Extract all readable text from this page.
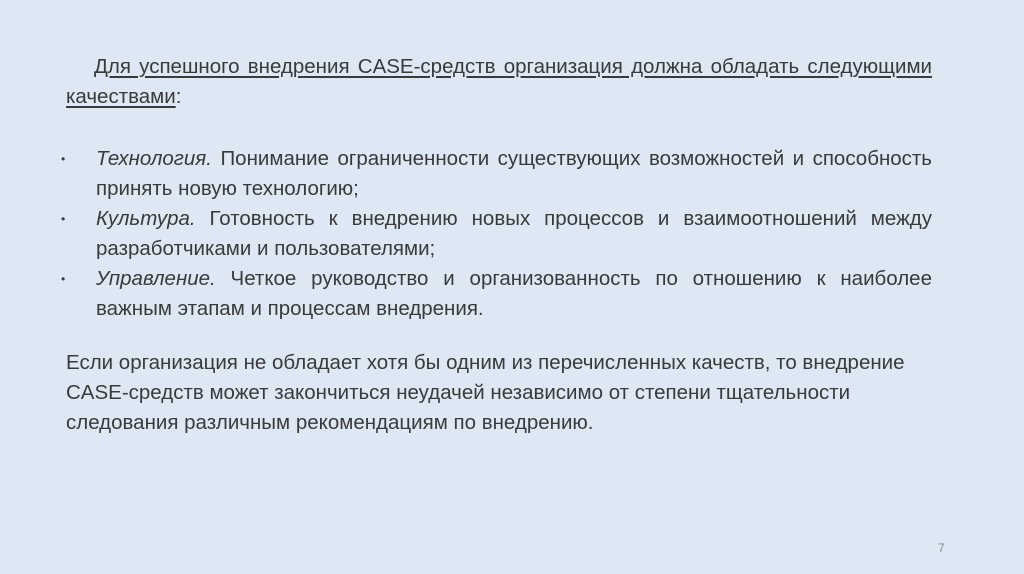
Для успешного внедрения CASE-средств организация должна обладать следующими качествами:

• Технология. Понимание ограниченности существующих возможностей и способность принять новую технологию;
• Культура. Готовность к внедрению новых процессов и взаимоотношений между разработчиками и пользователями;
• Управление. Четкое руководство и организованность по отношению к наиболее важным этапам и процессам внедрения.

Если организация не обладает хотя бы одним из перечисленных качеств, то внедрение CASE-средств может закончиться неудачей независимо от степени тщательности следования различным рекомендациям по внедрению.

7
